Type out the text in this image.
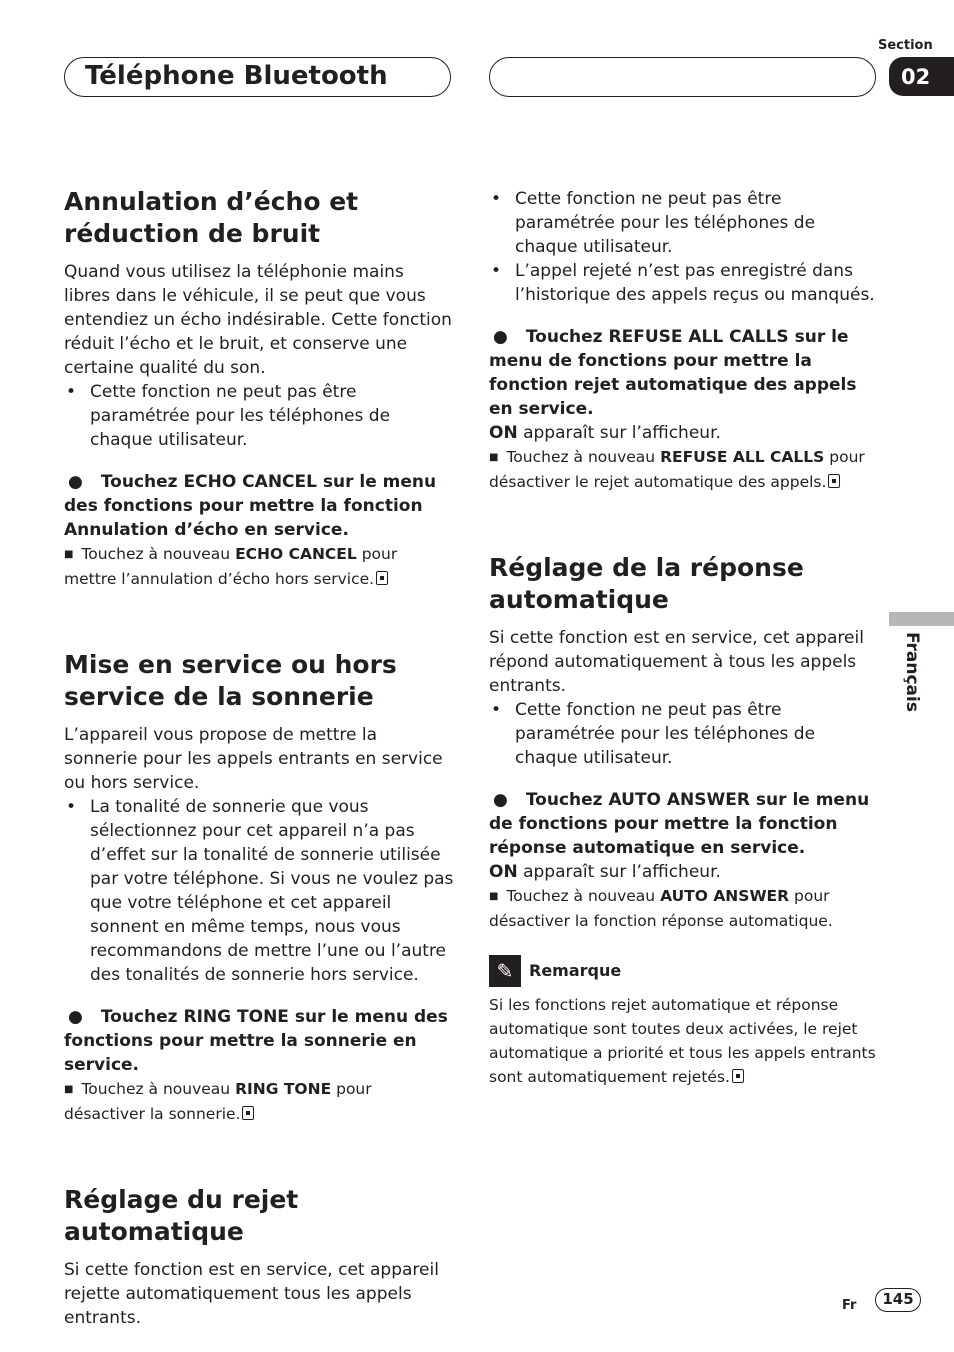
Section
02
Téléphone Bluetooth
Français
Annulation d’écho et réduction de bruit

Quand vous utilisez la téléphonie mains libres dans le véhicule, il se peut que vous entendiez un écho indésirable. Cette fonction réduit l’écho et le bruit, et conserve une certaine qualité du son.

• Cette fonction ne peut pas être paramétrée pour les téléphones de chaque utilisateur.

● Touchez ECHO CANCEL sur le menu des fonctions pour mettre la fonction Annulation d’écho en service.

■ Touchez à nouveau ECHO CANCEL pour mettre l’annulation d’écho hors service.

Mise en service ou hors service de la sonnerie

L’appareil vous propose de mettre la sonnerie pour les appels entrants en service ou hors service.

• La tonalité de sonnerie que vous sélectionnez pour cet appareil n’a pas d’effet sur la tonalité de sonnerie utilisée par votre téléphone. Si vous ne voulez pas que votre téléphone et cet appareil sonnent en même temps, nous vous recommandons de mettre l’une ou l’autre des tonalités de sonnerie hors service.

● Touchez RING TONE sur le menu des fonctions pour mettre la sonnerie en service.

■ Touchez à nouveau RING TONE pour désactiver la sonnerie.

Réglage du rejet automatique

Si cette fonction est en service, cet appareil rejette automatiquement tous les appels entrants.

• Cette fonction ne peut pas être paramétrée pour les téléphones de chaque utilisateur.

• L’appel rejeté n’est pas enregistré dans l’historique des appels reçus ou manqués.

● Touchez REFUSE ALL CALLS sur le menu de fonctions pour mettre la fonction rejet automatique des appels en service.

ON apparaît sur l’afficheur.

■ Touchez à nouveau REFUSE ALL CALLS pour désactiver le rejet automatique des appels.

Réglage de la réponse automatique

Si cette fonction est en service, cet appareil répond automatiquement à tous les appels entrants.

• Cette fonction ne peut pas être paramétrée pour les téléphones de chaque utilisateur.

● Touchez AUTO ANSWER sur le menu de fonctions pour mettre la fonction réponse automatique en service.

ON apparaît sur l’afficheur.

■ Touchez à nouveau AUTO ANSWER pour désactiver la fonction réponse automatique.

✎ Remarque

Si les fonctions rejet automatique et réponse automatique sont toutes deux activées, le rejet automatique a priorité et tous les appels entrants sont automatiquement rejetés.

Fr	145
